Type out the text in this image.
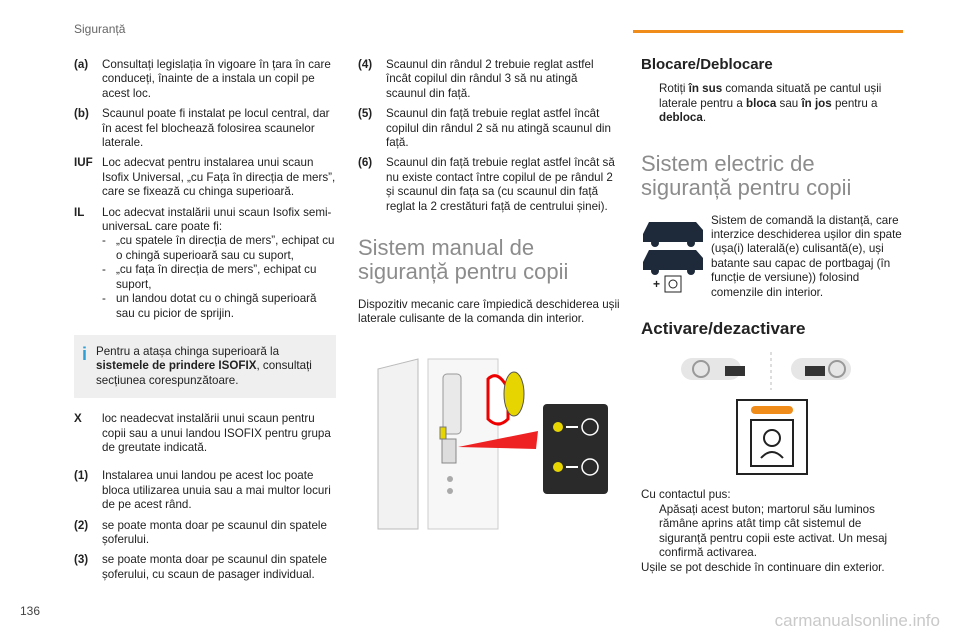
Siguranță
(a)	Consultați legislația în vigoare în țara în care conduceți, înainte de a instala un copil pe acest loc.
(b)	Scaunul poate fi instalat pe locul central, dar în acest fel blochează folosirea scaunelor laterale.
IUF Loc adecvat pentru instalarea unui scaun Isofix Universal, „cu Fața în direcția de mers”, care se fixează cu chinga superioară.
IL	Loc adecvat instalării unui scaun Isofix semi-universaL care poate fi:
- „cu spatele în direcția de mers”, echipat cu o chingă superioară sau cu suport,
- „cu fața în direcția de mers”, echipat cu suport,
- un landou dotat cu o chingă superioară sau cu picior de sprijin.
i Pentru a atașa chinga superioară la sistemele de prindere ISOFIX, consultați secțiunea corespunzătoare.
X	loc neadecvat instalării unui scaun pentru copii sau a unui landou ISOFIX pentru grupa de greutate indicată.
(1)	Instalarea unui landou pe acest loc poate bloca utilizarea unuia sau a mai multor locuri de pe acest rând.
(2)	se poate monta doar pe scaunul din spatele șoferului.
(3)	se poate monta doar pe scaunul din spatele șoferului, cu scaun de pasager individual.
(4)	Scaunul din rândul 2 trebuie reglat astfel încât copilul din rândul 3 să nu atingă scaunul din față.
(5)	Scaunul din față trebuie reglat astfel încât copilul din rândul 2 să nu atingă scaunul din față.
(6)	Scaunul din față trebuie reglat astfel încât să nu existe contact între copilul de pe rândul 2 și scaunul din fața sa (cu scaunul din față reglat la 2 crestături față de centrului șinei).
Sistem manual de siguranță pentru copii
Dispozitiv mecanic care împiedică deschiderea ușii laterale culisante de la comanda din interior.
Blocare/Deblocare
Rotiți în sus comanda situată pe cantul ușii laterale pentru a bloca sau în jos pentru a debloca.
Sistem electric de siguranță pentru copii
+
Sistem de comandă la distanță, care interzice deschiderea ușilor din spate (ușa(i) laterală(e) culisantă(e), uși batante sau capac de portbagaj (în funcție de versiune)) folosind comenzile din interior.
Activare/dezactivare
Cu contactul pus:
Apăsați acest buton; martorul său luminos rămâne aprins atât timp cât sistemul de siguranță pentru copii este activat. Un mesaj confirmă activarea.
Ușile se pot deschide în continuare din exterior.
136	carmanualsonline.info
